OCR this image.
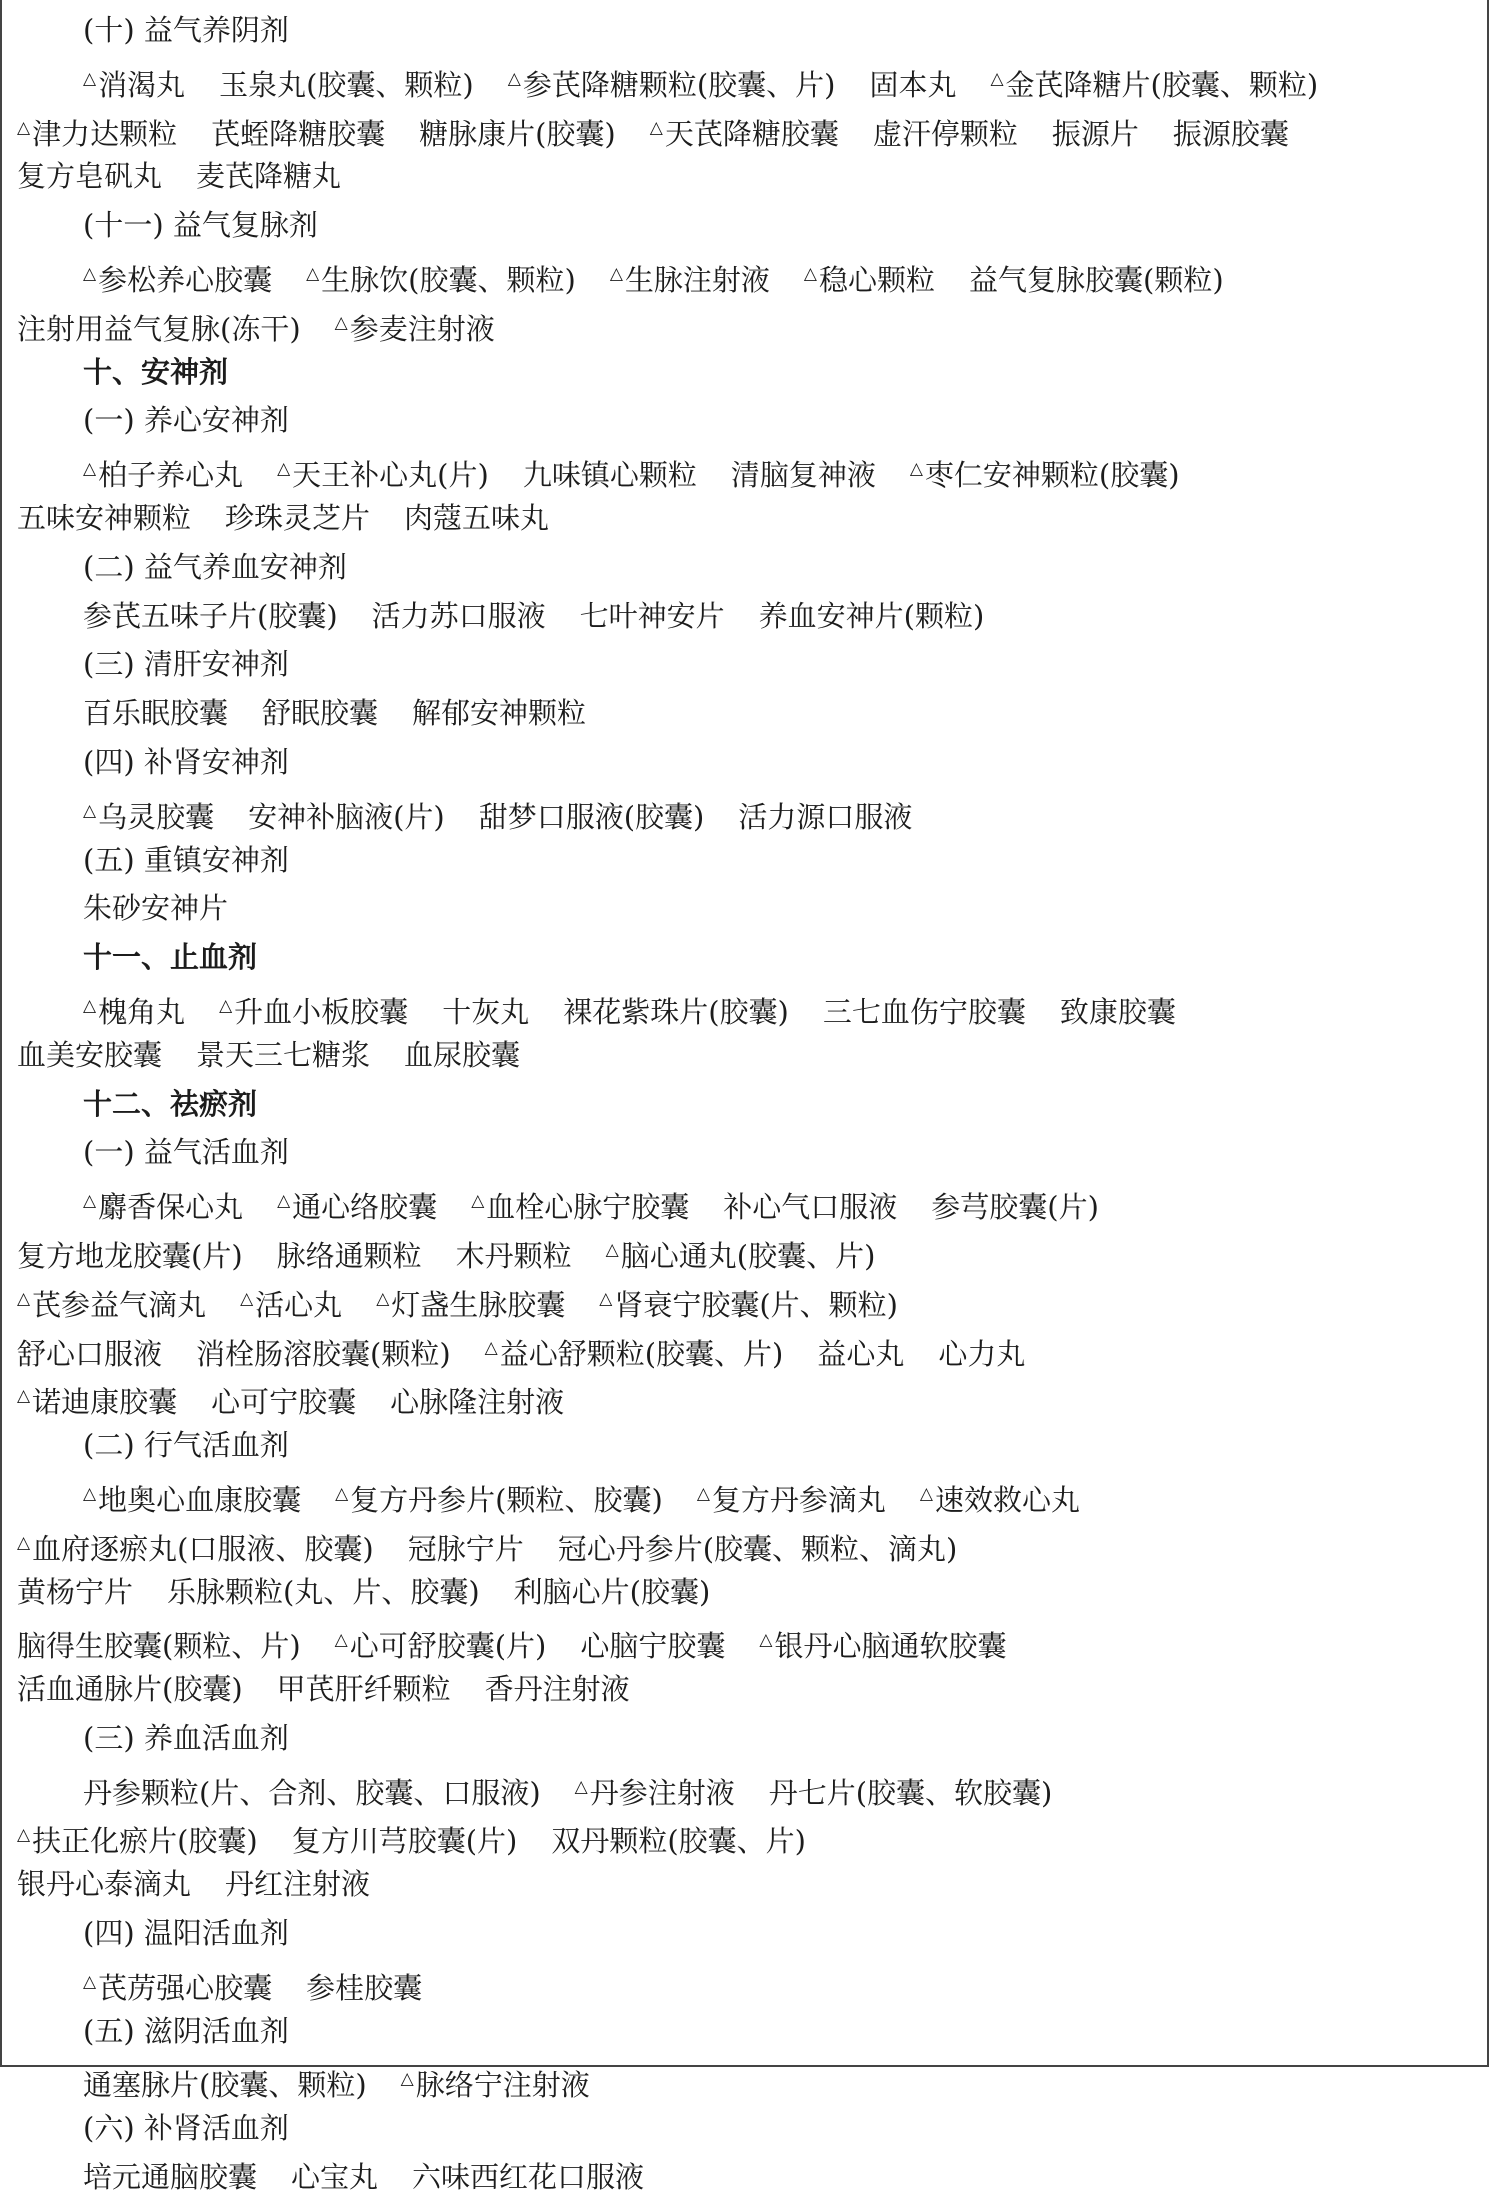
(十) 益气养阴剂
△消渴丸 玉泉丸(胶囊、颗粒) △参芪降糖颗粒(胶囊、片) 固本丸 △金芪降糖片(胶囊、颗粒)
△津力达颗粒 芪蛭降糖胶囊 糖脉康片(胶囊) △天芪降糖胶囊 虚汗停颗粒 振源片 振源胶囊
复方皂矾丸 麦芪降糖丸
(十一) 益气复脉剂
△参松养心胶囊 △生脉饮(胶囊、颗粒) △生脉注射液 △稳心颗粒 益气复脉胶囊(颗粒)
注射用益气复脉(冻干) △参麦注射液
十、安神剂
(一) 养心安神剂
△柏子养心丸 △天王补心丸(片) 九味镇心颗粒 清脑复神液 △枣仁安神颗粒(胶囊)
五味安神颗粒 珍珠灵芝片 肉蔻五味丸
(二) 益气养血安神剂
参芪五味子片(胶囊) 活力苏口服液 七叶神安片 养血安神片(颗粒)
(三) 清肝安神剂
百乐眠胶囊 舒眠胶囊 解郁安神颗粒
(四) 补肾安神剂
△乌灵胶囊 安神补脑液(片) 甜梦口服液(胶囊) 活力源口服液
(五) 重镇安神剂
朱砂安神片
十一、止血剂
△槐角丸 △升血小板胶囊 十灰丸 裸花紫珠片(胶囊) 三七血伤宁胶囊 致康胶囊
血美安胶囊 景天三七糖浆 血尿胶囊
十二、祛瘀剂
(一) 益气活血剂
△麝香保心丸 △通心络胶囊 △血栓心脉宁胶囊 补心气口服液 参芎胶囊(片)
复方地龙胶囊(片) 脉络通颗粒 木丹颗粒 △脑心通丸(胶囊、片)
△芪参益气滴丸 △活心丸 △灯盏生脉胶囊 △肾衰宁胶囊(片、颗粒)
舒心口服液 消栓肠溶胶囊(颗粒) △益心舒颗粒(胶囊、片) 益心丸 心力丸
△诺迪康胶囊 心可宁胶囊 心脉隆注射液
(二) 行气活血剂
△地奥心血康胶囊 △复方丹参片(颗粒、胶囊) △复方丹参滴丸 △速效救心丸
△血府逐瘀丸(口服液、胶囊) 冠脉宁片 冠心丹参片(胶囊、颗粒、滴丸)
黄杨宁片 乐脉颗粒(丸、片、胶囊) 利脑心片(胶囊)
脑得生胶囊(颗粒、片) △心可舒胶囊(片) 心脑宁胶囊 △银丹心脑通软胶囊
活血通脉片(胶囊) 甲芪肝纤颗粒 香丹注射液
(三) 养血活血剂
丹参颗粒(片、合剂、胶囊、口服液) △丹参注射液 丹七片(胶囊、软胶囊)
△扶正化瘀片(胶囊) 复方川芎胶囊(片) 双丹颗粒(胶囊、片)
银丹心泰滴丸 丹红注射液
(四) 温阳活血剂
△芪苈强心胶囊 参桂胶囊
(五) 滋阴活血剂
通塞脉片(胶囊、颗粒) △脉络宁注射液
(六) 补肾活血剂
培元通脑胶囊 心宝丸 六味西红花口服液
